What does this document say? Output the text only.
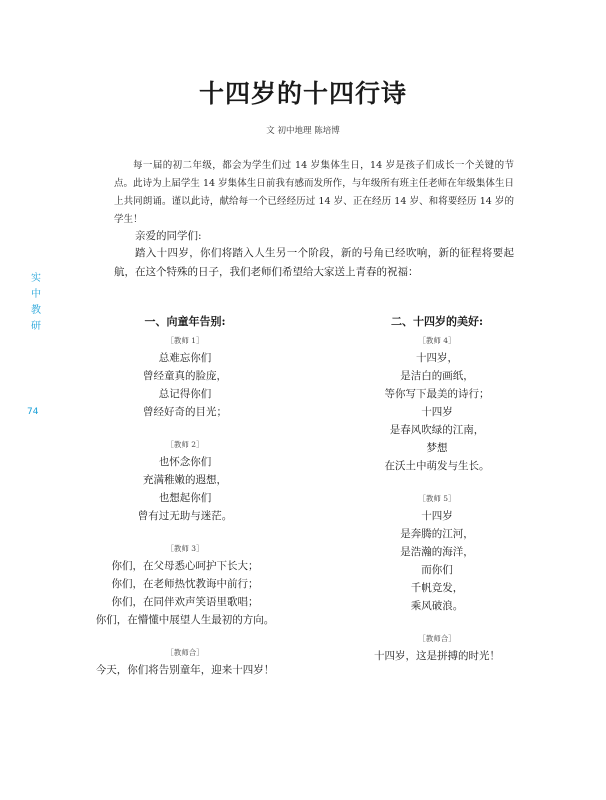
实
中
教
研
74
十四岁的十四行诗
文 初中地理 陈培博

每一届的初二年级，都会为学生们过 14 岁集体生日，14 岁是孩子们成长一个关键的节点。此诗为上届学生 14 岁集体生日前我有感而发所作，与年级所有班主任老师在年级集体生日上共同朗诵。谨以此诗，献给每一个已经经历过 14 岁、正在经历 14 岁、和将要经历 14 岁的学生！

亲爱的同学们:

踏入十四岁，你们将踏入人生另一个阶段，新的号角已经吹响，新的征程将要起航，在这个特殊的日子，我们老师们希望给大家送上青春的祝福：

一、向童年告别:
［教师 1］
总难忘你们
曾经童真的脸庞，
总记得你们
曾经好奇的目光；
［教师 2］
也怀念你们
充满稚嫩的遐想，
也想起你们
曾有过无助与迷茫。
［教师 3］
你们，在父母悉心呵护下长大；
你们，在老师热忱教诲中前行；
你们，在同伴欢声笑语里歌唱；
你们，在懵懂中展望人生最初的方向。
［教师合］
今天，你们将告别童年，迎来十四岁！
二、十四岁的美好:
［教师 4］
十四岁，
是洁白的画纸，
等你写下最美的诗行；
十四岁
是春风吹绿的江南，
梦想
在沃土中萌发与生长。
［教师 5］
十四岁
是奔腾的江河，
是浩瀚的海洋，
而你们
千帆竞发，
乘风破浪。
［教师合］
十四岁，这是拼搏的时光！
